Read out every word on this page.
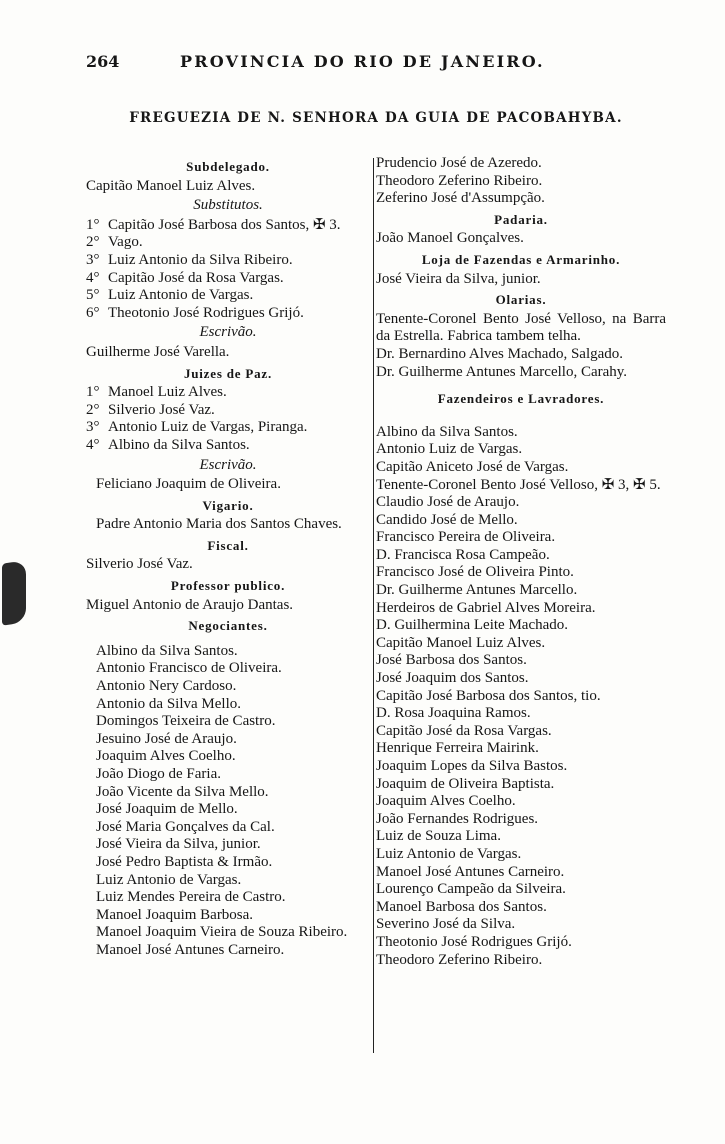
264	PROVINCIA DO RIO DE JANEIRO.
FREGUEZIA DE N. SENHORA DA GUIA DE PACOBAHYBA.
Subdelegado.
Capitão Manoel Luiz Alves.
Substitutos.
1° Capitão José Barbosa dos Santos, ✠ 3.
2° Vago.
3° Luiz Antonio da Silva Ribeiro.
4° Capitão José da Rosa Vargas.
5° Luiz Antonio de Vargas.
6° Theotonio José Rodrigues Grijó.
Escrivão.
Guilherme José Varella.
Juizes de Paz.
1° Manoel Luiz Alves.
2° Silverio José Vaz.
3° Antonio Luiz de Vargas, Piranga.
4° Albino da Silva Santos.
Escrivão.
Feliciano Joaquim de Oliveira.
Vigario.
Padre Antonio Maria dos Santos Chaves.
Fiscal.
Silverio José Vaz.
Professor publico.
Miguel Antonio de Araujo Dantas.
Negociantes.
Albino da Silva Santos.
Antonio Francisco de Oliveira.
Antonio Nery Cardoso.
Antonio da Silva Mello.
Domingos Teixeira de Castro.
Jesuino José de Araujo.
Joaquim Alves Coelho.
João Diogo de Faria.
João Vicente da Silva Mello.
José Joaquim de Mello.
José Maria Gonçalves da Cal.
José Vieira da Silva, junior.
José Pedro Baptista & Irmão.
Luiz Antonio de Vargas.
Luiz Mendes Pereira de Castro.
Manoel Joaquim Barbosa.
Manoel Joaquim Vieira de Souza Ribeiro.
Manoel José Antunes Carneiro.
Prudencio José de Azeredo.
Theodoro Zeferino Ribeiro.
Zeferino José d'Assumpção.
Padaria.
João Manoel Gonçalves.
Loja de Fazendas e Armarinho.
José Vieira da Silva, junior.
Olarias.
Tenente-Coronel Bento José Velloso, na Barra da Estrella. Fabrica tambem telha.
Dr. Bernardino Alves Machado, Salgado.
Dr. Guilherme Antunes Marcello, Carahy.
Fazendeiros e Lavradores.
Albino da Silva Santos.
Antonio Luiz de Vargas.
Capitão Aniceto José de Vargas.
Tenente-Coronel Bento José Velloso, ✠ 3, ✠ 5.
Claudio José de Araujo.
Candido José de Mello.
Francisco Pereira de Oliveira.
D. Francisca Rosa Campeão.
Francisco José de Oliveira Pinto.
Dr. Guilherme Antunes Marcello.
Herdeiros de Gabriel Alves Moreira.
D. Guilhermina Leite Machado.
Capitão Manoel Luiz Alves.
José Barbosa dos Santos.
José Joaquim dos Santos.
Capitão José Barbosa dos Santos, tio.
D. Rosa Joaquina Ramos.
Capitão José da Rosa Vargas.
Henrique Ferreira Mairink.
Joaquim Lopes da Silva Bastos.
Joaquim de Oliveira Baptista.
Joaquim Alves Coelho.
João Fernandes Rodrigues.
Luiz de Souza Lima.
Luiz Antonio de Vargas.
Manoel José Antunes Carneiro.
Lourenço Campeão da Silveira.
Manoel Barbosa dos Santos.
Severino José da Silva.
Theotonio José Rodrigues Grijó.
Theodoro Zeferino Ribeiro.
